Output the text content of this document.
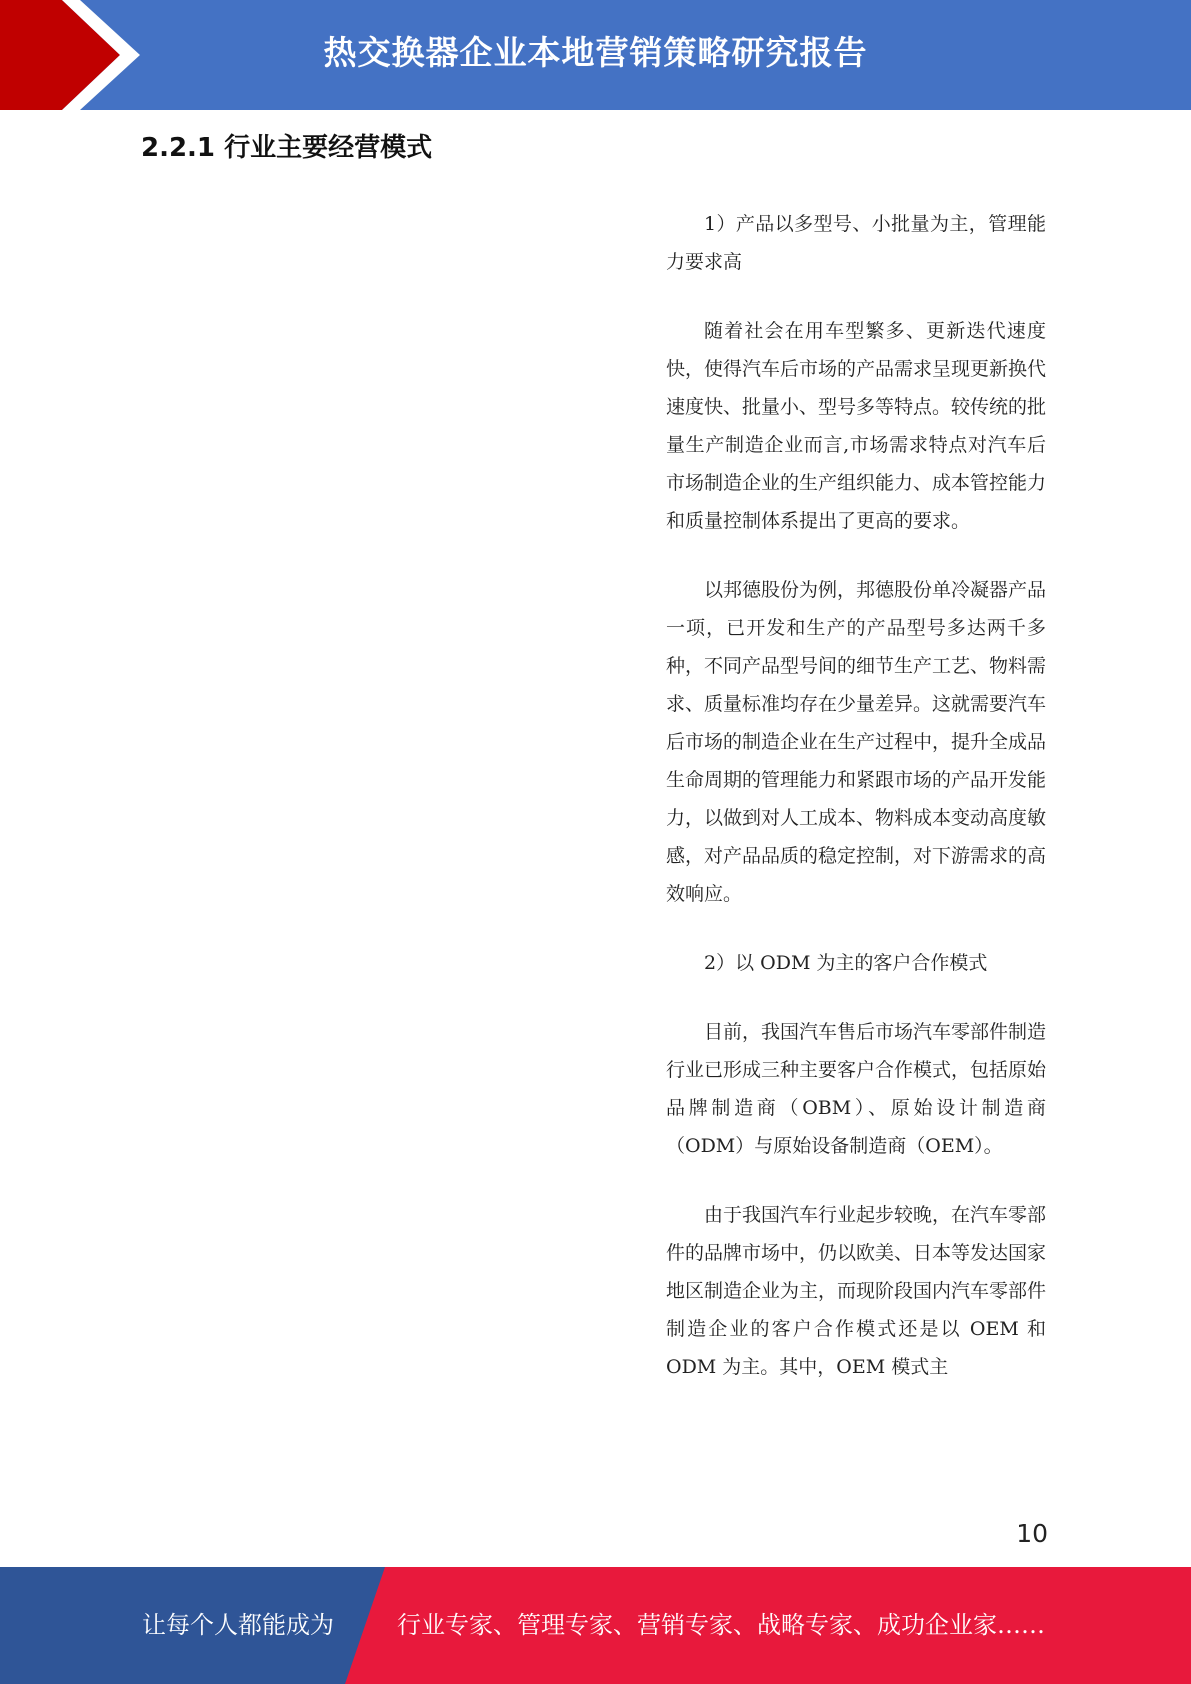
热交换器企业本地营销策略研究报告
2.2.1 行业主要经营模式

1）产品以多型号、小批量为主，管理能力要求高

随着社会在用车型繁多、更新迭代速度快，使得汽车后市场的产品需求呈现更新换代速度快、批量小、型号多等特点。较传统的批量生产制造企业而言,市场需求特点对汽车后市场制造企业的生产组织能力、成本管控能力和质量控制体系提出了更高的要求。

以邦德股份为例，邦德股份单冷凝器产品一项，已开发和生产的产品型号多达两千多种，不同产品型号间的细节生产工艺、物料需求、质量标准均存在少量差异。这就需要汽车后市场的制造企业在生产过程中，提升全成品生命周期的管理能力和紧跟市场的产品开发能力，以做到对人工成本、物料成本变动高度敏感，对产品品质的稳定控制，对下游需求的高效响应。

2）以 ODM 为主的客户合作模式

目前，我国汽车售后市场汽车零部件制造行业已形成三种主要客户合作模式，包括原始品牌制造商（OBM）、原始设计制造商（ODM）与原始设备制造商（OEM）。

由于我国汽车行业起步较晚，在汽车零部件的品牌市场中，仍以欧美、日本等发达国家地区制造企业为主，而现阶段国内汽车零部件制造企业的客户合作模式还是以 OEM 和 ODM 为主。其中，OEM 模式主

10
让每个人都能成为	行业专家、管理专家、营销专家、战略专家、成功企业家……
